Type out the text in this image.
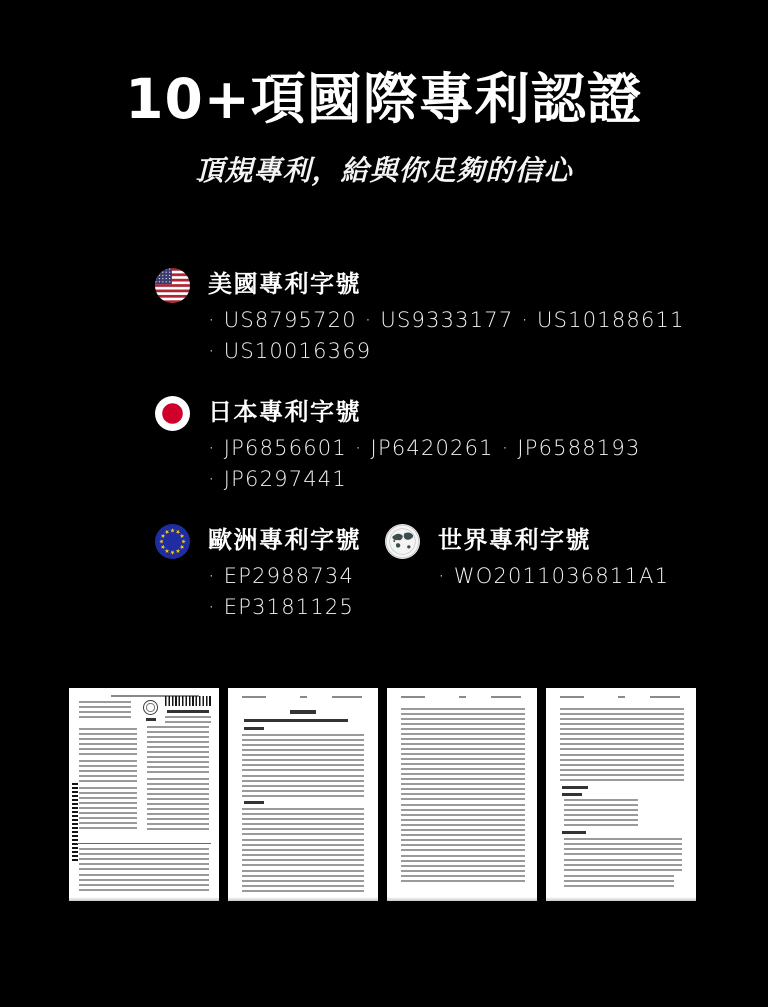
10+項國際專利認證
頂規專利，給與你足夠的信心
美國專利字號
· US8795720 · US9333177 · US10188611
· US10016369
日本專利字號
· JP6856601 · JP6420261 · JP6588193
· JP6297441
歐洲專利字號
· EP2988734
· EP3181125
世界專利字號
· WO2011036811A1
